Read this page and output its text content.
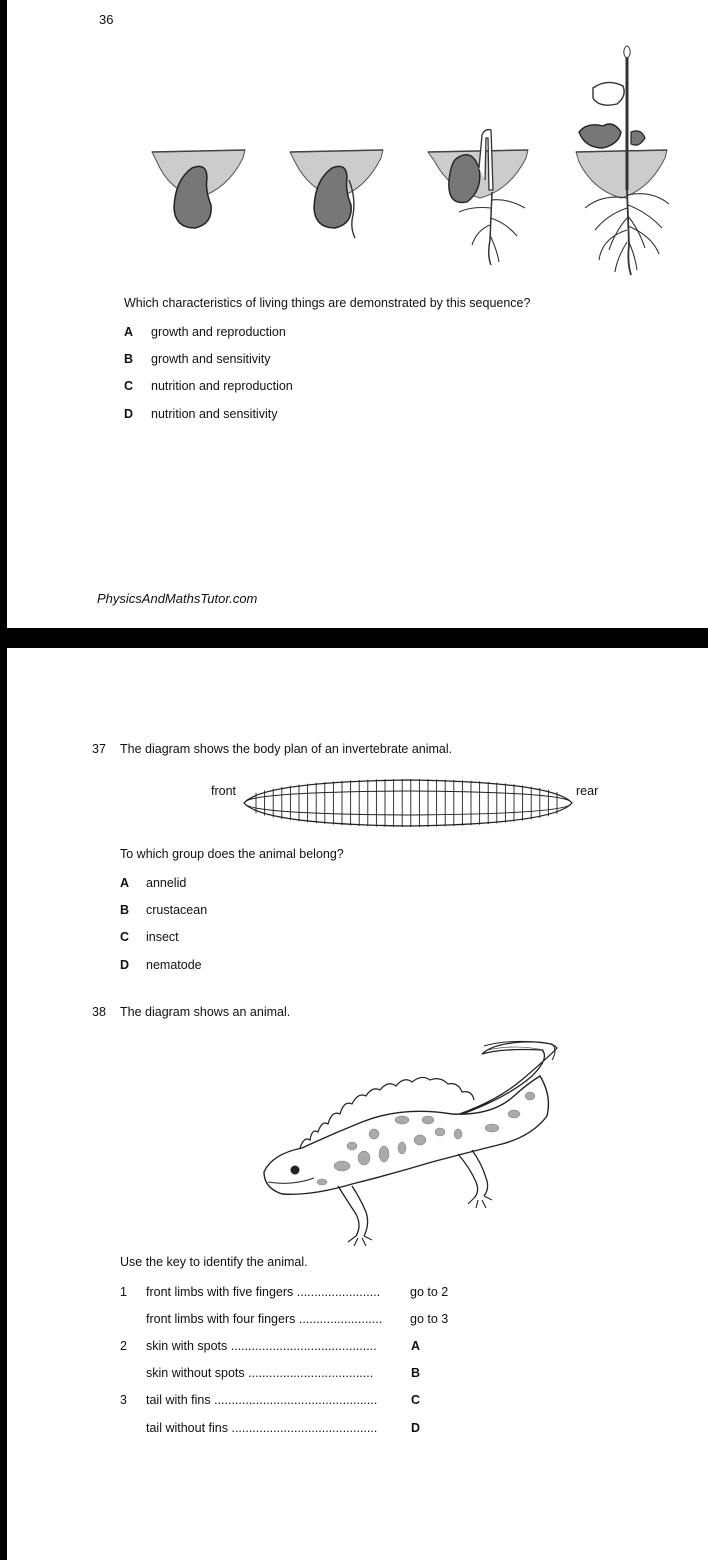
36
Which characteristics of living things are demonstrated by this sequence?
A growth and reproduction
B growth and sensitivity
C nutrition and reproduction
D nutrition and sensitivity
PhysicsAndMathsTutor.com
37 The diagram shows the body plan of an invertebrate animal.
front	rear
To which group does the animal belong?
A annelid
B crustacean
C insect
D nematode
38 The diagram shows an animal.
Use the key to identify the animal.
1 front limbs with five fingers ........................ go to 2
front limbs with four fingers ........................ go to 3
2 skin with spots ..........................................	A
skin without spots ....................................	B
3 tail with fins ...............................................	C
tail without fins ..........................................	D
